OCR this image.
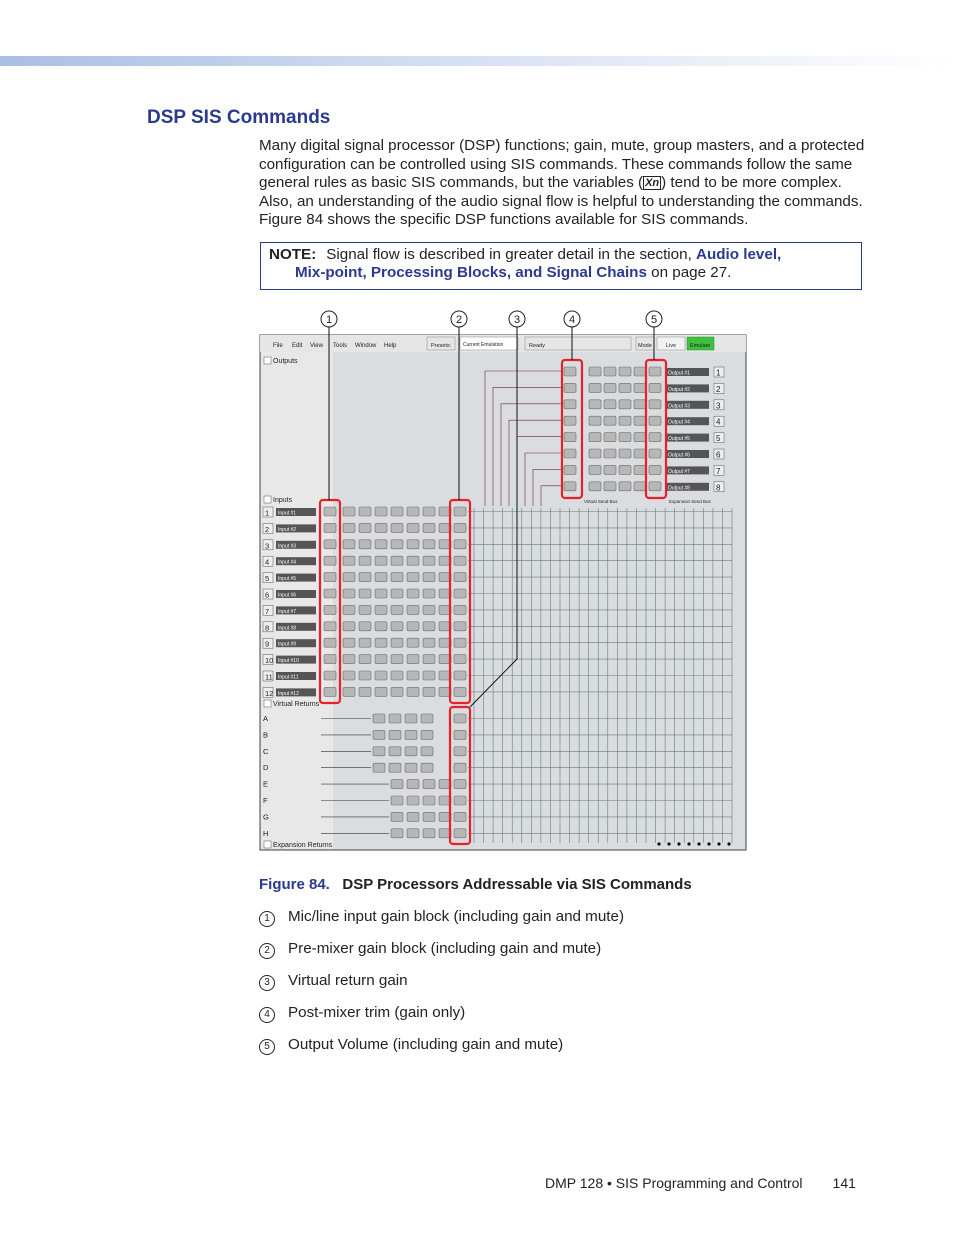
DSP SIS Commands
Many digital signal processor (DSP) functions; gain, mute, group masters, and a protected configuration can be controlled using SIS commands. These commands follow the same general rules as basic SIS commands, but the variables ( Xn ) tend to be more complex. Also, an understanding of the audio signal flow is helpful to understanding the commands. Figure 84 shows the specific DSP functions available for SIS commands.
NOTE: Signal flow is described in greater detail in the section, Audio level,
Mix-point, Processing Blocks, and Signal Chains on page 27.
1	2	3	4	5
File Edit View Tools Window Help	Presets: Current Emulation	Ready	Mode	Live	Emulate
Outputs
Inputs
Virtual Returns
Expansion Returns
Output #1	1
Output #2	2
Output #3	3
Output #4	4
Output #5	5
Output #6	6
Output #7	7
Output #8	8
Virtual Send Bus	Expansion Send Bus
1 Input #1
2 Input #2
3 Input #3
4 Input #4
5 Input #5
6 Input #6
7 Input #7
8 Input #8
9 Input #9
10 Input #10
11 Input #11
12 Input #12
A
B
C
D
E
F
G
H
Figure 84. DSP Processors Addressable via SIS Commands
1	Mic/line input gain block (including gain and mute)
2	Pre-mixer gain block (including gain and mute)
3	Virtual return gain
4	Post-mixer trim (gain only)
5	Output Volume (including gain and mute)
DMP 128 • SIS Programming and Control 141
